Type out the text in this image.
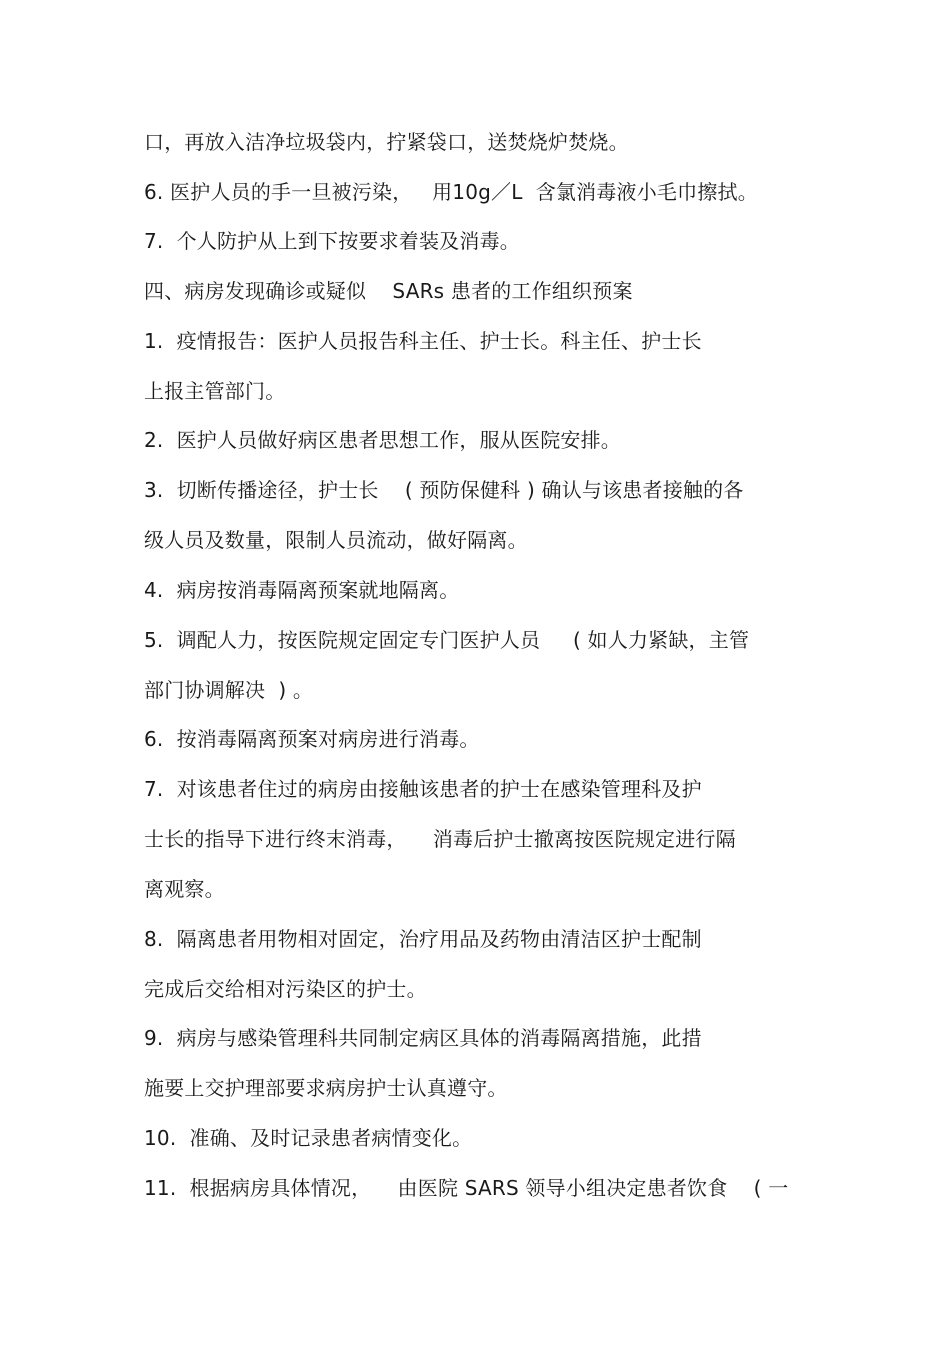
口，再放入洁净垃圾袋内，拧紧袋口，送焚烧炉焚烧。
6. 医护人员的手一旦被污染，   用10g／L  含氯消毒液小毛巾擦拭。
7.  个人防护从上到下按要求着装及消毒。
四、病房发现确诊或疑似    SARs 患者的工作组织预案
1.  疫情报告：医护人员报告科主任、护士长。科主任、护士长
上报主管部门。
2.  医护人员做好病区患者思想工作，服从医院安排。
3.  切断传播途径，护士长    ( 预防保健科 ) 确认与该患者接触的各
级人员及数量，限制人员流动，做好隔离。
4.  病房按消毒隔离预案就地隔离。
5.  调配人力，按医院规定固定专门医护人员     ( 如人力紧缺，主管
部门协调解决  ) 。
6.  按消毒隔离预案对病房进行消毒。
7.  对该患者住过的病房由接触该患者的护士在感染管理科及护
士长的指导下进行终末消毒，    消毒后护士撤离按医院规定进行隔
离观察。
8.  隔离患者用物相对固定，治疗用品及药物由清洁区护士配制
完成后交给相对污染区的护士。
9.  病房与感染管理科共同制定病区具体的消毒隔离措施，此措
施要上交护理部要求病房护士认真遵守。
10.  准确、及时记录患者病情变化。
11.  根据病房具体情况，    由医院 SARS 领导小组决定患者饮食    ( 一
